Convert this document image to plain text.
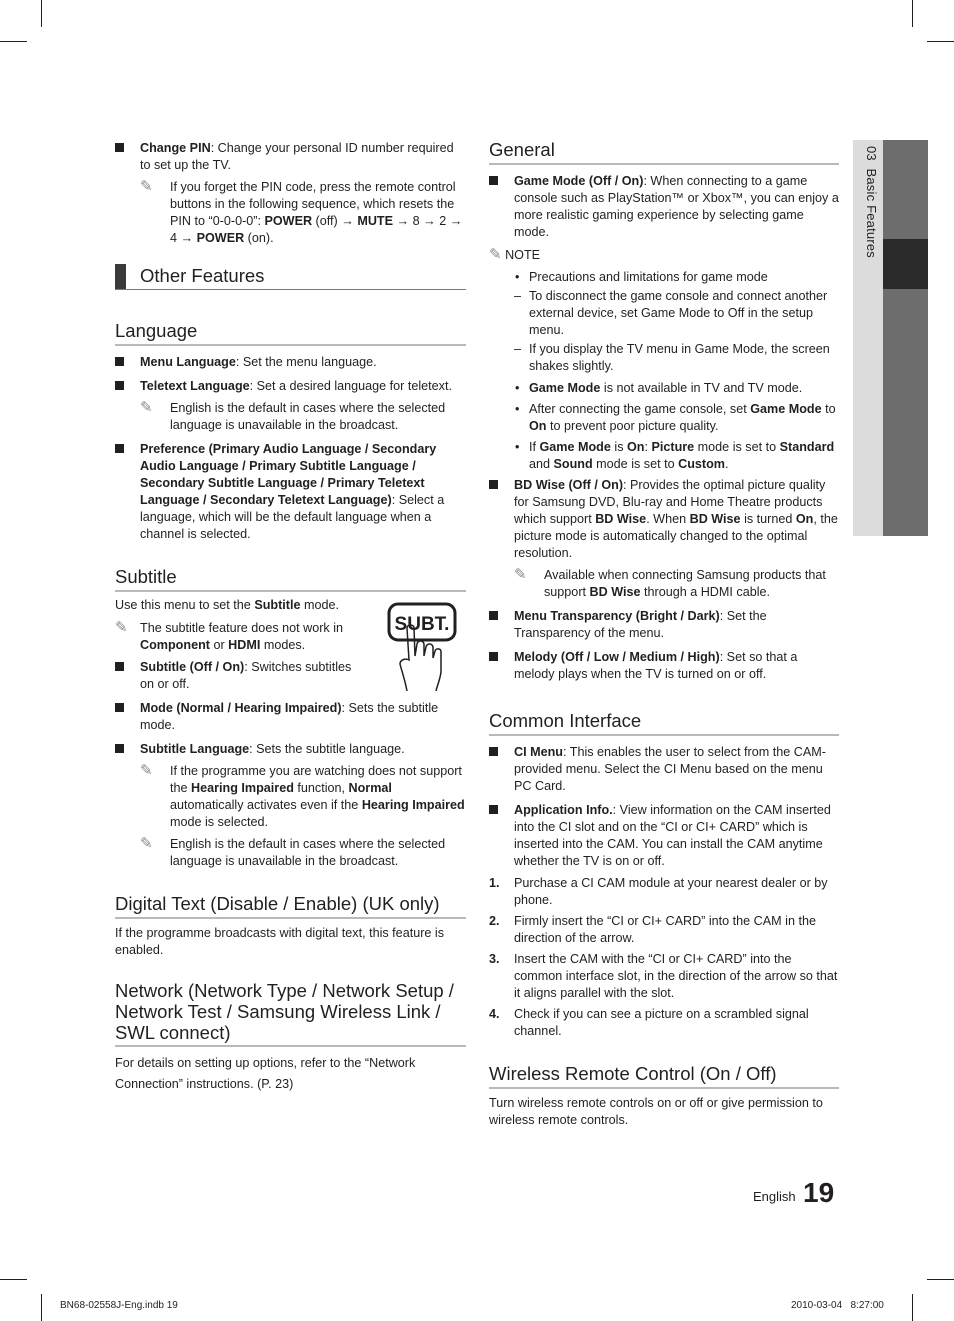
03  Basic Features
Change PIN: Change your personal ID number required to set up the TV.
✎ If you forget the PIN code, press the remote control buttons in the following sequence, which resets the PIN to “0-0-0-0”: POWER (off) → MUTE → 8 → 2 → 4 → POWER (on).
Other Features
Language
Menu Language: Set the menu language.
Teletext Language: Set a desired language for teletext.
✎ English is the default in cases where the selected language is unavailable in the broadcast.
Preference (Primary Audio Language / Secondary Audio Language / Primary Subtitle Language / Secondary Subtitle Language / Primary Teletext Language / Secondary Teletext Language): Select a language, which will be the default language when a channel is selected.
Subtitle
Use this menu to set the Subtitle mode.
✎ The subtitle feature does not work in Component or HDMI modes.
Subtitle (Off / On): Switches subtitles on or off.
Mode (Normal / Hearing Impaired): Sets the subtitle mode.
Subtitle Language: Sets the subtitle language.
✎ If the programme you are watching does not support the Hearing Impaired function, Normal automatically activates even if the Hearing Impaired mode is selected.
✎ English is the default in cases where the selected language is unavailable in the broadcast.
SUBT.
Digital Text (Disable / Enable) (UK only)
If the programme broadcasts with digital text, this feature is enabled.
Network (Network Type / Network Setup / Network Test / Samsung Wireless Link / SWL connect)
For details on setting up options, refer to the “Network Connection” instructions. (P. 23)
General
Game Mode (Off / On): When connecting to a game console such as PlayStation™ or Xbox™, you can enjoy a more realistic gaming experience by selecting game mode.
✎ NOTE
• Precautions and limitations for game mode
– To disconnect the game console and connect another external device, set Game Mode to Off in the setup menu.
– If you display the TV menu in Game Mode, the screen shakes slightly.
• Game Mode is not available in TV and TV mode.
• After connecting the game console, set Game Mode to On to prevent poor picture quality.
• If Game Mode is On: Picture mode is set to Standard and Sound mode is set to Custom.
BD Wise (Off / On): Provides the optimal picture quality for Samsung DVD, Blu-ray and Home Theatre products which support BD Wise. When BD Wise is turned On, the picture mode is automatically changed to the optimal resolution.
✎ Available when connecting Samsung products that support BD Wise through a HDMI cable.
Menu Transparency (Bright / Dark): Set the Transparency of the menu.
Melody (Off / Low / Medium / High): Set so that a melody plays when the TV is turned on or off.
Common Interface
CI Menu: This enables the user to select from the CAM-provided menu. Select the CI Menu based on the menu PC Card.
Application Info.: View information on the CAM inserted into the CI slot and on the “CI or CI+ CARD” which is inserted into the CAM. You can install the CAM anytime whether the TV is on or off.
1. Purchase a CI CAM module at your nearest dealer or by phone.
2. Firmly insert the “CI or CI+ CARD” into the CAM in the direction of the arrow.
3. Insert the CAM with the “CI or CI+ CARD” into the common interface slot, in the direction of the arrow so that it aligns parallel with the slot.
4. Check if you can see a picture on a scrambled signal channel.
Wireless Remote Control (On / Off)
Turn wireless remote controls on or off or give permission to wireless remote controls.
English 19
BN68-02558J-Eng.indb 19	2010-03-04   8:27:00
